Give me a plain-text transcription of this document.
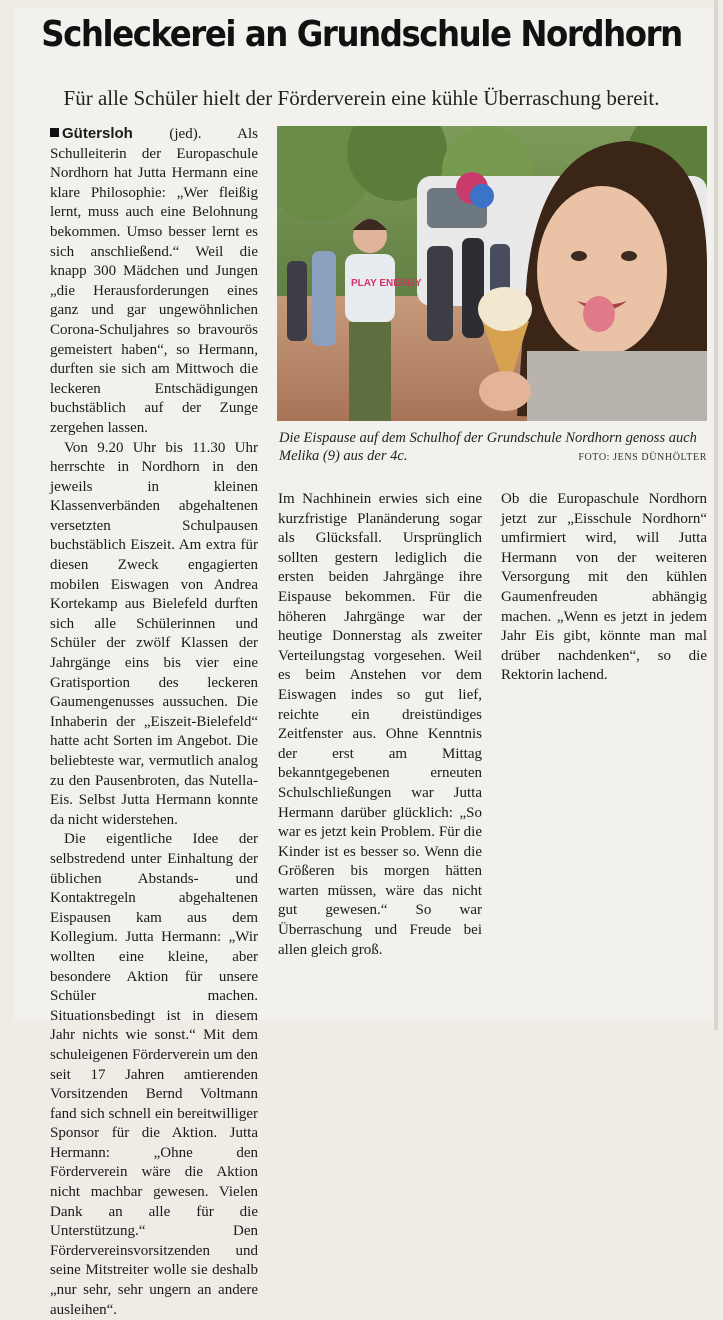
Schleckerei an Grundschule Nordhorn
Für alle Schüler hielt der Förderverein eine kühle Überraschung bereit.

Gütersloh (jed). Als Schulleiterin der Europaschule Nordhorn hat Jutta Hermann eine klare Philosophie: „Wer fleißig lernt, muss auch eine Belohnung bekommen. Umso besser lernt es sich anschließend.“ Weil die knapp 300 Mädchen und Jungen „die Herausforderungen eines ganz und gar ungewöhnlichen Corona-Schuljahres so bravourös gemeistert haben“, so Hermann, durften sie sich am Mittwoch die leckeren Entschädigungen buchstäblich auf der Zunge zergehen lassen.

Von 9.20 Uhr bis 11.30 Uhr herrschte in Nordhorn in den jeweils in kleinen Klassenverbänden abgehaltenen versetzten Schulpausen buchstäblich Eiszeit. Am extra für diesen Zweck engagierten mobilen Eiswagen von Andrea Kortekamp aus Bielefeld durften sich alle Schülerinnen und Schüler der zwölf Klassen der Jahrgänge eins bis vier eine Gratisportion des leckeren Gaumengenusses aussuchen. Die Inhaberin der „Eiszeit-Bielefeld“ hatte acht Sorten im Angebot. Die beliebteste war, vermutlich analog zu den Pausenbroten, das Nutella-Eis. Selbst Jutta Hermann konnte da nicht widerstehen.

Die eigentliche Idee der selbstredend unter Einhaltung der üblichen Abstands- und Kontaktregeln abgehaltenen Eispausen kam aus dem Kollegium. Jutta Hermann: „Wir wollten eine kleine, aber besondere Aktion für unsere Schüler machen. Situationsbedingt ist in diesem Jahr nichts wie sonst.“ Mit dem schuleigenen Förderverein um den seit 17 Jahren amtierenden Vorsitzenden Bernd Voltmann fand sich schnell ein bereitwilliger Sponsor für die Aktion. Jutta Hermann: „Ohne den Förderverein wäre die Aktion nicht machbar gewesen. Vielen Dank an alle für die Unterstützung.“ Den Fördervereinsvorsitzenden und seine Mitstreiter wolle sie deshalb „nur sehr, sehr ungern an andere ausleihen“.

PLAY ENERGY
Die Eispause auf dem Schulhof der Grundschule Nordhorn genoss auch Melika (9) aus der 4c.	FOTO: JENS DÜNHÖLTER

Im Nachhinein erwies sich eine kurzfristige Planänderung sogar als Glücksfall. Ursprünglich sollten gestern lediglich die ersten beiden Jahrgänge ihre Eispause bekommen. Für die höheren Jahrgänge war der heutige Donnerstag als zweiter Verteilungstag vorgesehen. Weil es beim Anstehen vor dem Eiswagen indes so gut lief, reichte ein dreistündiges Zeitfenster aus. Ohne Kenntnis der erst am Mittag bekanntgegebenen erneuten Schulschließungen war Jutta Hermann darüber glücklich: „So war es jetzt kein Problem. Für die Kinder ist es besser so. Wenn die Größeren bis morgen hätten warten müssen, wäre das nicht gut gewesen.“ So war Überraschung und Freude bei allen gleich groß.

Ob die Europaschule Nordhorn jetzt zur „Eisschule Nordhorn“ umfirmiert wird, will Jutta Hermann von der weiteren Versorgung mit den kühlen Gaumenfreuden abhängig machen. „Wenn es jetzt in jedem Jahr Eis gibt, könnte man mal drüber nachdenken“, so die Rektorin lachend.
